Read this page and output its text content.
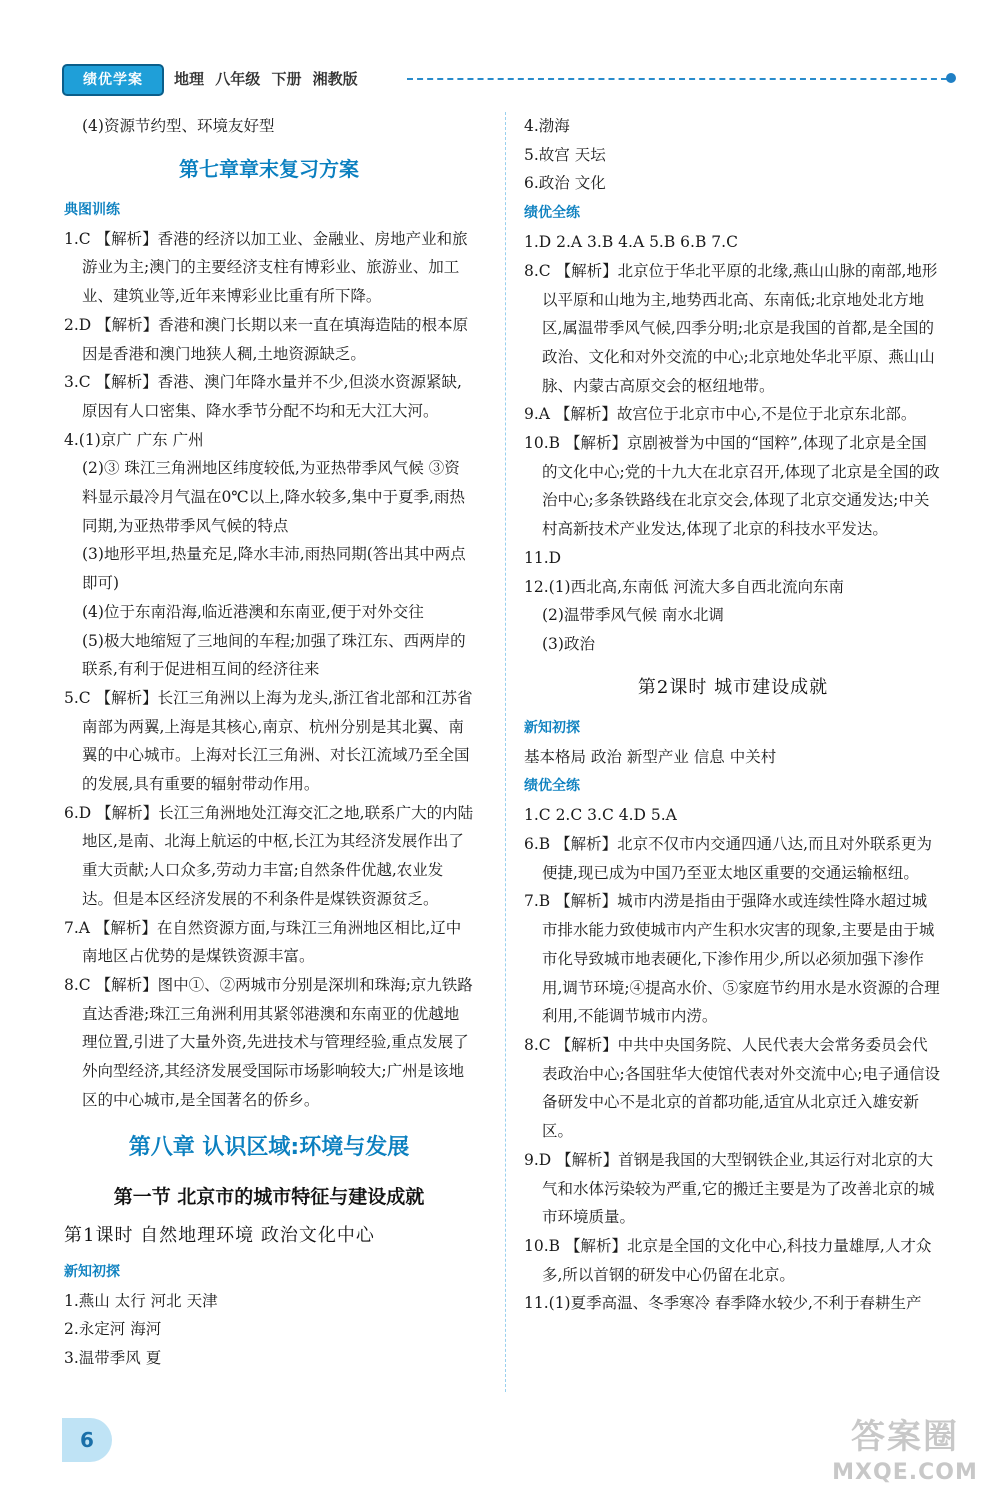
绩优学案	地理 八年级 下册 湘教版

(4)资源节约型、环境友好型

第七章章末复习方案
典图训练

1.C 【解析】香港的经济以加工业、金融业、房地产业和旅游业为主;澳门的主要经济支柱有博彩业、旅游业、加工业、建筑业等,近年来博彩业比重有所下降。

2.D 【解析】香港和澳门长期以来一直在填海造陆的根本原因是香港和澳门地狭人稠,土地资源缺乏。

3.C 【解析】香港、澳门年降水量并不少,但淡水资源紧缺,原因有人口密集、降水季节分配不均和无大江大河。

4.(1)京广 广东 广州

(2)③ 珠江三角洲地区纬度较低,为亚热带季风气候 ③资料显示最冷月气温在0℃以上,降水较多,集中于夏季,雨热同期,为亚热带季风气候的特点

(3)地形平坦,热量充足,降水丰沛,雨热同期(答出其中两点即可)

(4)位于东南沿海,临近港澳和东南亚,便于对外交往

(5)极大地缩短了三地间的车程;加强了珠江东、西两岸的联系,有利于促进相互间的经济往来

5.C 【解析】长江三角洲以上海为龙头,浙江省北部和江苏省南部为两翼,上海是其核心,南京、杭州分别是其北翼、南翼的中心城市。上海对长江三角洲、对长江流域乃至全国的发展,具有重要的辐射带动作用。

6.D 【解析】长江三角洲地处江海交汇之地,联系广大的内陆地区,是南、北海上航运的中枢,长江为其经济发展作出了重大贡献;人口众多,劳动力丰富;自然条件优越,农业发达。但是本区经济发展的不利条件是煤铁资源贫乏。

7.A 【解析】在自然资源方面,与珠江三角洲地区相比,辽中南地区占优势的是煤铁资源丰富。

8.C 【解析】图中①、②两城市分别是深圳和珠海;京九铁路直达香港;珠江三角洲利用其紧邻港澳和东南亚的优越地理位置,引进了大量外资,先进技术与管理经验,重点发展了外向型经济,其经济发展受国际市场影响较大;广州是该地区的中心城市,是全国著名的侨乡。

第八章 认识区域:环境与发展
第一节 北京市的城市特征与建设成就
第1课时 自然地理环境 政治文化中心
新知初探

1.燕山 太行 河北 天津

2.永定河 海河

3.温带季风 夏

4.渤海

5.故宫 天坛

6.政治 文化

绩优全练

1.D 2.A 3.B 4.A 5.B 6.B 7.C

8.C 【解析】北京位于华北平原的北缘,燕山山脉的南部,地形以平原和山地为主,地势西北高、东南低;北京地处北方地区,属温带季风气候,四季分明;北京是我国的首都,是全国的政治、文化和对外交流的中心;北京地处华北平原、燕山山脉、内蒙古高原交会的枢纽地带。

9.A 【解析】故宫位于北京市中心,不是位于北京东北部。

10.B 【解析】京剧被誉为中国的“国粹”,体现了北京是全国的文化中心;党的十九大在北京召开,体现了北京是全国的政治中心;多条铁路线在北京交会,体现了北京交通发达;中关村高新技术产业发达,体现了北京的科技水平发达。

11.D

12.(1)西北高,东南低 河流大多自西北流向东南

(2)温带季风气候 南水北调

(3)政治

第2课时 城市建设成就
新知初探

基本格局 政治 新型产业 信息 中关村

绩优全练

1.C 2.C 3.C 4.D 5.A

6.B 【解析】北京不仅市内交通四通八达,而且对外联系更为便捷,现已成为中国乃至亚太地区重要的交通运输枢纽。

7.B 【解析】城市内涝是指由于强降水或连续性降水超过城市排水能力致使城市内产生积水灾害的现象,主要是由于城市化导致城市地表硬化,下渗作用少,所以必须加强下渗作用,调节环境;④提高水价、⑤家庭节约用水是水资源的合理利用,不能调节城市内涝。

8.C 【解析】中共中央国务院、人民代表大会常务委员会代表政治中心;各国驻华大使馆代表对外交流中心;电子通信设备研发中心不是北京的首都功能,适宜从北京迁入雄安新区。

9.D 【解析】首钢是我国的大型钢铁企业,其运行对北京的大气和水体污染较为严重,它的搬迁主要是为了改善北京的城市环境质量。

10.B 【解析】北京是全国的文化中心,科技力量雄厚,人才众多,所以首钢的研发中心仍留在北京。

11.(1)夏季高温、冬季寒冷 春季降水较少,不利于春耕生产

6	答案圈
MXQE.COM
